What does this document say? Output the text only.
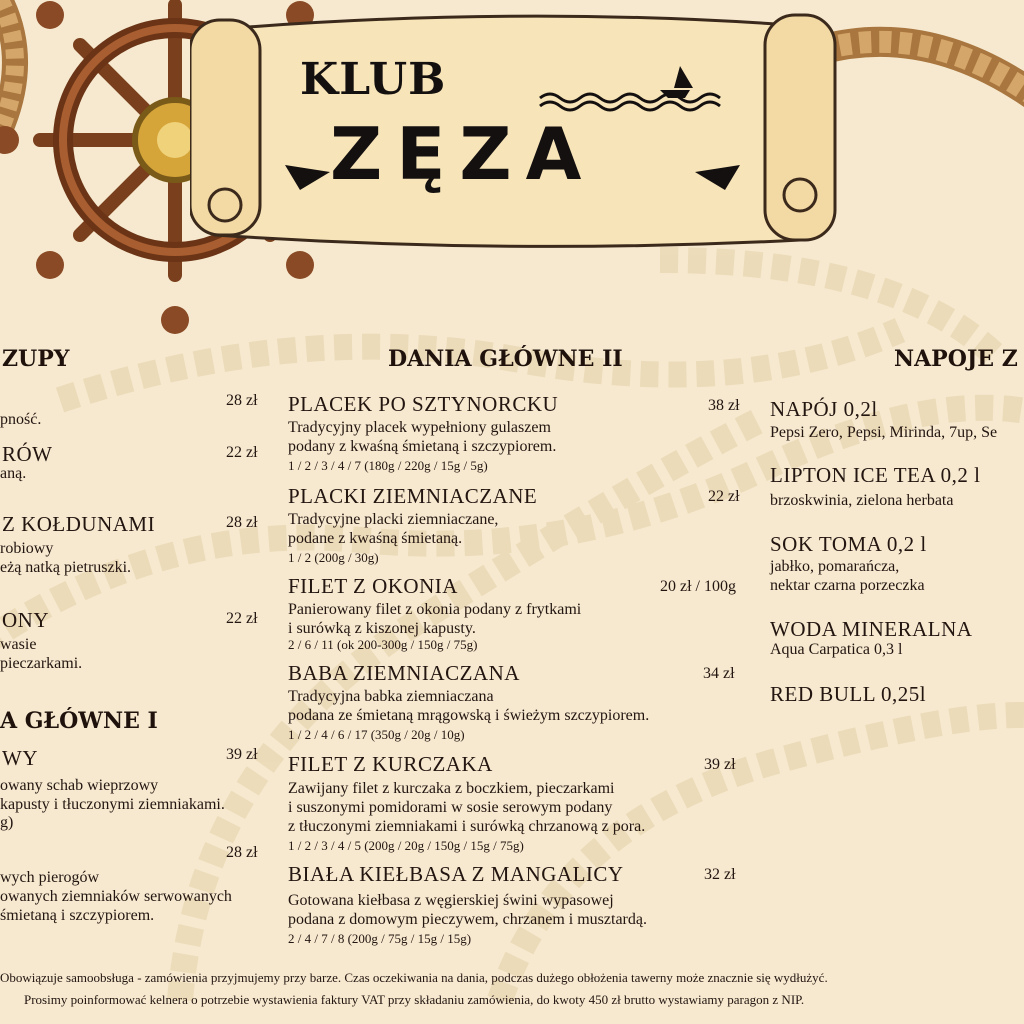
KLUB
ZĘZA
ZUPY
28 zł
pność.
RÓW	22 zł
aną.
Z KOŁDUNAMI	28 zł
robiowy
eżą natką pietruszki.
ONY	22 zł
wasie
pieczarkami.
A GŁÓWNE I
WY	39 zł
owany schab wieprzowy
kapusty i tłuczonymi ziemniakami.
g)
28 zł
wych pierogów
owanych ziemniaków serwowanych
śmietaną i szczypiorem.
DANIA GŁÓWNE II
PLACEK PO SZTYNORCKU	38 zł
Tradycyjny placek wypełniony gulaszem
podany z kwaśną śmietaną i szczypiorem.
1 / 2 / 3 / 4 / 7 (180g / 220g / 15g / 5g)
PLACKI ZIEMNIACZANE	22 zł
Tradycyjne placki ziemniaczane,
podane z kwaśną śmietaną.
1 / 2 (200g / 30g)
FILET Z OKONIA	20 zł / 100g
Panierowany filet z okonia podany z frytkami
i surówką z kiszonej kapusty.
2 / 6 / 11 (ok 200-300g / 150g / 75g)
BABA ZIEMNIACZANA	34 zł
Tradycyjna babka ziemniaczana
podana ze śmietaną mrągowską i świeżym szczypiorem.
1 / 2 / 4 / 6 / 17 (350g / 20g / 10g)
FILET Z KURCZAKA	39 zł
Zawijany filet z kurczaka z boczkiem, pieczarkami
i suszonymi pomidorami w sosie serowym podany
z tłuczonymi ziemniakami i surówką chrzanową z pora.
1 / 2 / 3 / 4 / 5 (200g / 20g / 150g / 15g / 75g)
BIAŁA KIEŁBASA Z MANGALICY	32 zł
Gotowana kiełbasa z węgierskiej świni wypasowej
podana z domowym pieczywem, chrzanem i musztardą.
2 / 4 / 7 / 8 (200g / 75g / 15g / 15g)
NAPOJE Z
NAPÓJ 0,2l
Pepsi Zero, Pepsi, Mirinda, 7up, Se
LIPTON ICE TEA 0,2 l
brzoskwinia, zielona herbata
SOK TOMA 0,2 l
jabłko, pomarańcza,
nektar czarna porzeczka
WODA MINERALNA
Aqua Carpatica 0,3 l
RED BULL 0,25l
Obowiązuje samoobsługa - zamówienia przyjmujemy przy barze. Czas oczekiwania na dania, podczas dużego obłożenia tawerny może znacznie się wydłużyć.
Prosimy poinformować kelnera o potrzebie wystawienia faktury VAT przy składaniu zamówienia, do kwoty 450 zł brutto wystawiamy paragon z NIP.
